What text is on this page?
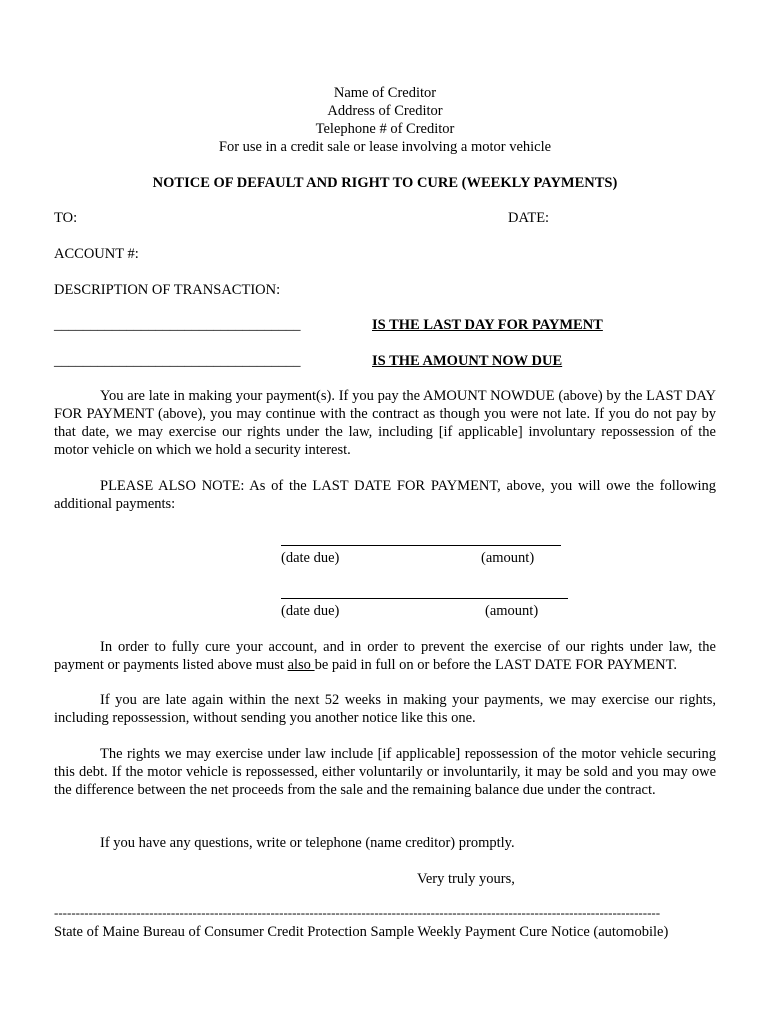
Name of Creditor
Address of Creditor
Telephone # of Creditor
For use in a credit sale or lease involving a motor vehicle
NOTICE OF DEFAULT AND RIGHT TO CURE (WEEKLY PAYMENTS)
TO:	DATE:
ACCOUNT #:
DESCRIPTION OF TRANSACTION:
__________________________________	IS THE LAST DAY FOR PAYMENT
__________________________________	IS THE AMOUNT NOW DUE
You are late in making your payment(s). If you pay the AMOUNT NOWDUE (above) by the LAST DAY FOR PAYMENT (above), you may continue with the contract as though you were not late. If you do not pay by that date, we may exercise our rights under the law, including [if applicable] involuntary repossession of the motor vehicle on which we hold a security interest.
PLEASE ALSO NOTE: As of the LAST DATE FOR PAYMENT, above, you will owe the following additional payments:
(date due)	(amount)
(date due)	(amount)
In order to fully cure your account, and in order to prevent the exercise of our rights under law, the payment or payments listed above must also be paid in full on or before the LAST DATE FOR PAYMENT.
If you are late again within the next 52 weeks in making your payments, we may exercise our rights, including repossession, without sending you another notice like this one.
The rights we may exercise under law include [if applicable] repossession of the motor vehicle securing this debt. If the motor vehicle is repossessed, either voluntarily or involuntarily, it may be sold and you may owe the difference between the net proceeds from the sale and the remaining balance due under the contract.
If you have any questions, write or telephone (name creditor) promptly.
Very truly yours,
--------------------------------------------------------------------------------------------------------------------------------------------
State of Maine Bureau of Consumer Credit Protection Sample Weekly Payment Cure Notice (automobile)
